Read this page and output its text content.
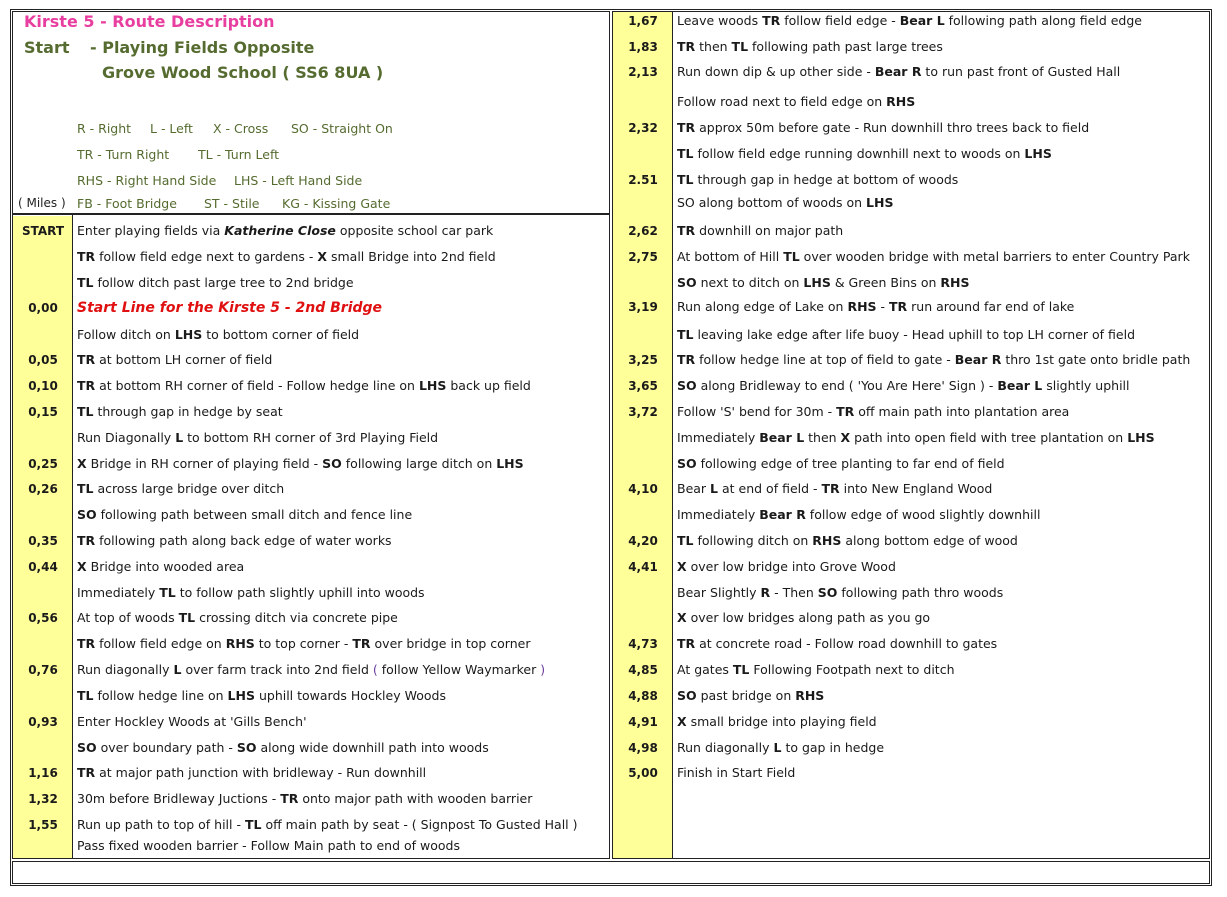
Kirste 5 - Route Description
Start - Playing Fields Opposite
Grove Wood School ( SS6 8UA )
( Miles )
R - Right L - Left X - Cross SO - Straight On
TR - Turn Right TL - Turn Left
RHS - Right Hand Side LHS - Left Hand Side
FB - Foot Bridge ST - Stile KG - Kissing Gate
START	Enter playing fields via Katherine Close opposite school car park
TR follow field edge next to gardens - X small Bridge into 2nd field
TL follow ditch past large tree to 2nd bridge
0,00	Start Line for the Kirste 5 - 2nd Bridge
Follow ditch on LHS to bottom corner of field
0,05	TR at bottom LH corner of field
0,10	TR at bottom RH corner of field - Follow hedge line on LHS back up field
0,15	TL through gap in hedge by seat
Run Diagonally L to bottom RH corner of 3rd Playing Field
0,25	X Bridge in RH corner of playing field - SO following large ditch on LHS
0,26	TL across large bridge over ditch
SO following path between small ditch and fence line
0,35	TR following path along back edge of water works
0,44	X Bridge into wooded area
Immediately TL to follow path slightly uphill into woods
0,56	At top of woods TL crossing ditch via concrete pipe
TR follow field edge on RHS to top corner - TR over bridge in top corner
0,76	Run diagonally L over farm track into 2nd field ( follow Yellow Waymarker )
TL follow hedge line on LHS uphill towards Hockley Woods
0,93	Enter Hockley Woods at 'Gills Bench'
SO over boundary path - SO along wide downhill path into woods
1,16	TR at major path junction with bridleway - Run downhill
1,32	30m before Bridleway Juctions - TR onto major path with wooden barrier
1,55	Run up path to top of hill - TL off main path by seat - ( Signpost To Gusted Hall )
Pass fixed wooden barrier - Follow Main path to end of woods
1,67	Leave woods TR follow field edge - Bear L following path along field edge
1,83	TR then TL following path past large trees
2,13	Run down dip & up other side - Bear R to run past front of Gusted Hall
Follow road next to field edge on RHS
2,32	TR approx 50m before gate - Run downhill thro trees back to field
TL follow field edge running downhill next to woods on LHS
2.51	TL through gap in hedge at bottom of woods
SO along bottom of woods on LHS
2,62	TR downhill on major path
2,75	At bottom of Hill TL over wooden bridge with metal barriers to enter Country Park
SO next to ditch on LHS & Green Bins on RHS
3,19	Run along edge of Lake on RHS - TR run around far end of lake
TL leaving lake edge after life buoy - Head uphill to top LH corner of field
3,25	TR follow hedge line at top of field to gate - Bear R thro 1st gate onto bridle path
3,65	SO along Bridleway to end ( 'You Are Here' Sign ) - Bear L slightly uphill
3,72	Follow 'S' bend for 30m - TR off main path into plantation area
Immediately Bear L then X path into open field with tree plantation on LHS
SO following edge of tree planting to far end of field
4,10	Bear L at end of field - TR into New England Wood
Immediately Bear R follow edge of wood slightly downhill
4,20	TL following ditch on RHS along bottom edge of wood
4,41	X over low bridge into Grove Wood
Bear Slightly R - Then SO following path thro woods
X over low bridges along path as you go
4,73	TR at concrete road - Follow road downhill to gates
4,85	At gates TL Following Footpath next to ditch
4,88	SO past bridge on RHS
4,91	X small bridge into playing field
4,98	Run diagonally L to gap in hedge
5,00	Finish in Start Field
